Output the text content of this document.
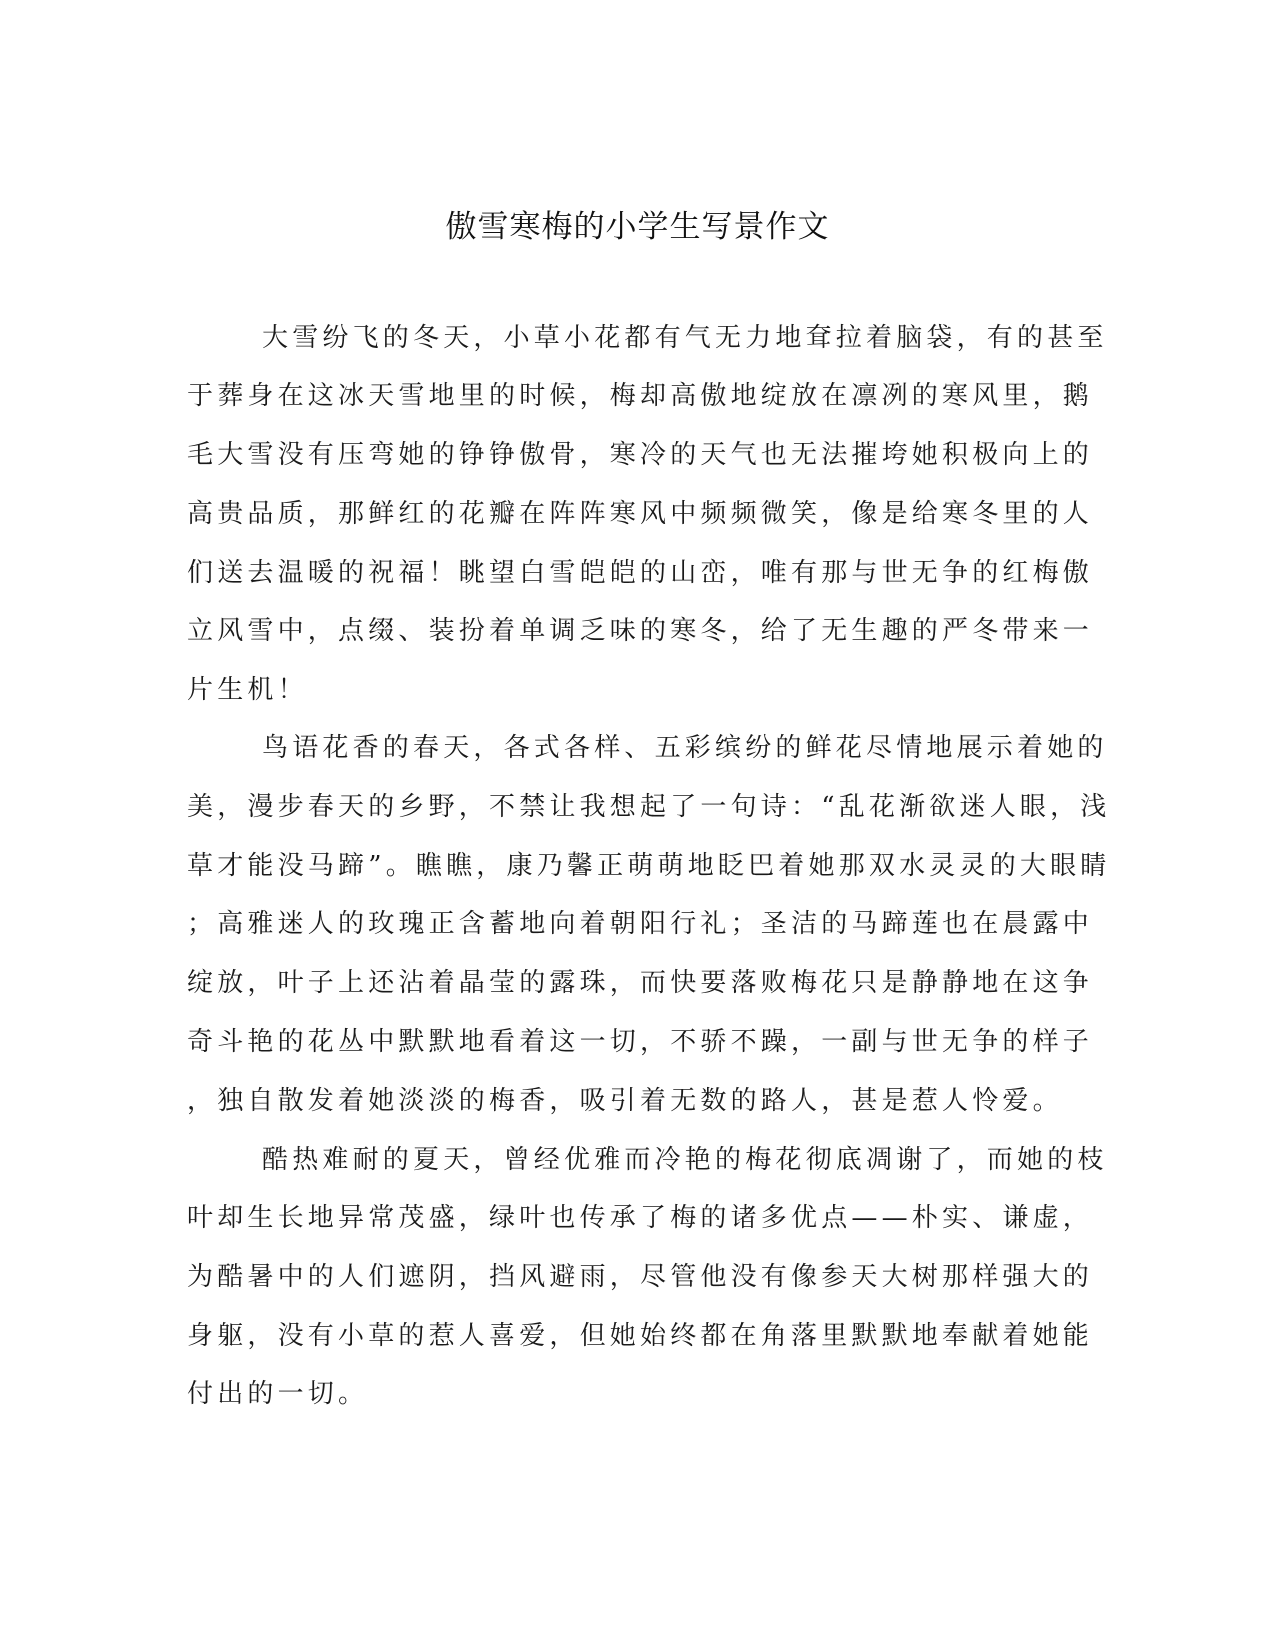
傲雪寒梅的小学生写景作文
大雪纷飞的冬天，小草小花都有气无力地耷拉着脑袋，有的甚至
于葬身在这冰天雪地里的时候，梅却高傲地绽放在凛冽的寒风里，鹅
毛大雪没有压弯她的铮铮傲骨，寒冷的天气也无法摧垮她积极向上的
高贵品质，那鲜红的花瓣在阵阵寒风中频频微笑，像是给寒冬里的人
们送去温暖的祝福！眺望白雪皑皑的山峦，唯有那与世无争的红梅傲
立风雪中，点缀、装扮着单调乏味的寒冬，给了无生趣的严冬带来一
片生机！
鸟语花香的春天，各式各样、五彩缤纷的鲜花尽情地展示着她的
美，漫步春天的乡野，不禁让我想起了一句诗：“乱花渐欲迷人眼，浅
草才能没马蹄”。瞧瞧，康乃馨正萌萌地眨巴着她那双水灵灵的大眼睛
；高雅迷人的玫瑰正含蓄地向着朝阳行礼；圣洁的马蹄莲也在晨露中
绽放，叶子上还沾着晶莹的露珠，而快要落败梅花只是静静地在这争
奇斗艳的花丛中默默地看着这一切，不骄不躁，一副与世无争的样子
，独自散发着她淡淡的梅香，吸引着无数的路人，甚是惹人怜爱。
酷热难耐的夏天，曾经优雅而冷艳的梅花彻底凋谢了，而她的枝
叶却生长地异常茂盛，绿叶也传承了梅的诸多优点——朴实、谦虚，
为酷暑中的人们遮阴，挡风避雨，尽管他没有像参天大树那样强大的
身躯，没有小草的惹人喜爱，但她始终都在角落里默默地奉献着她能
付出的一切。
